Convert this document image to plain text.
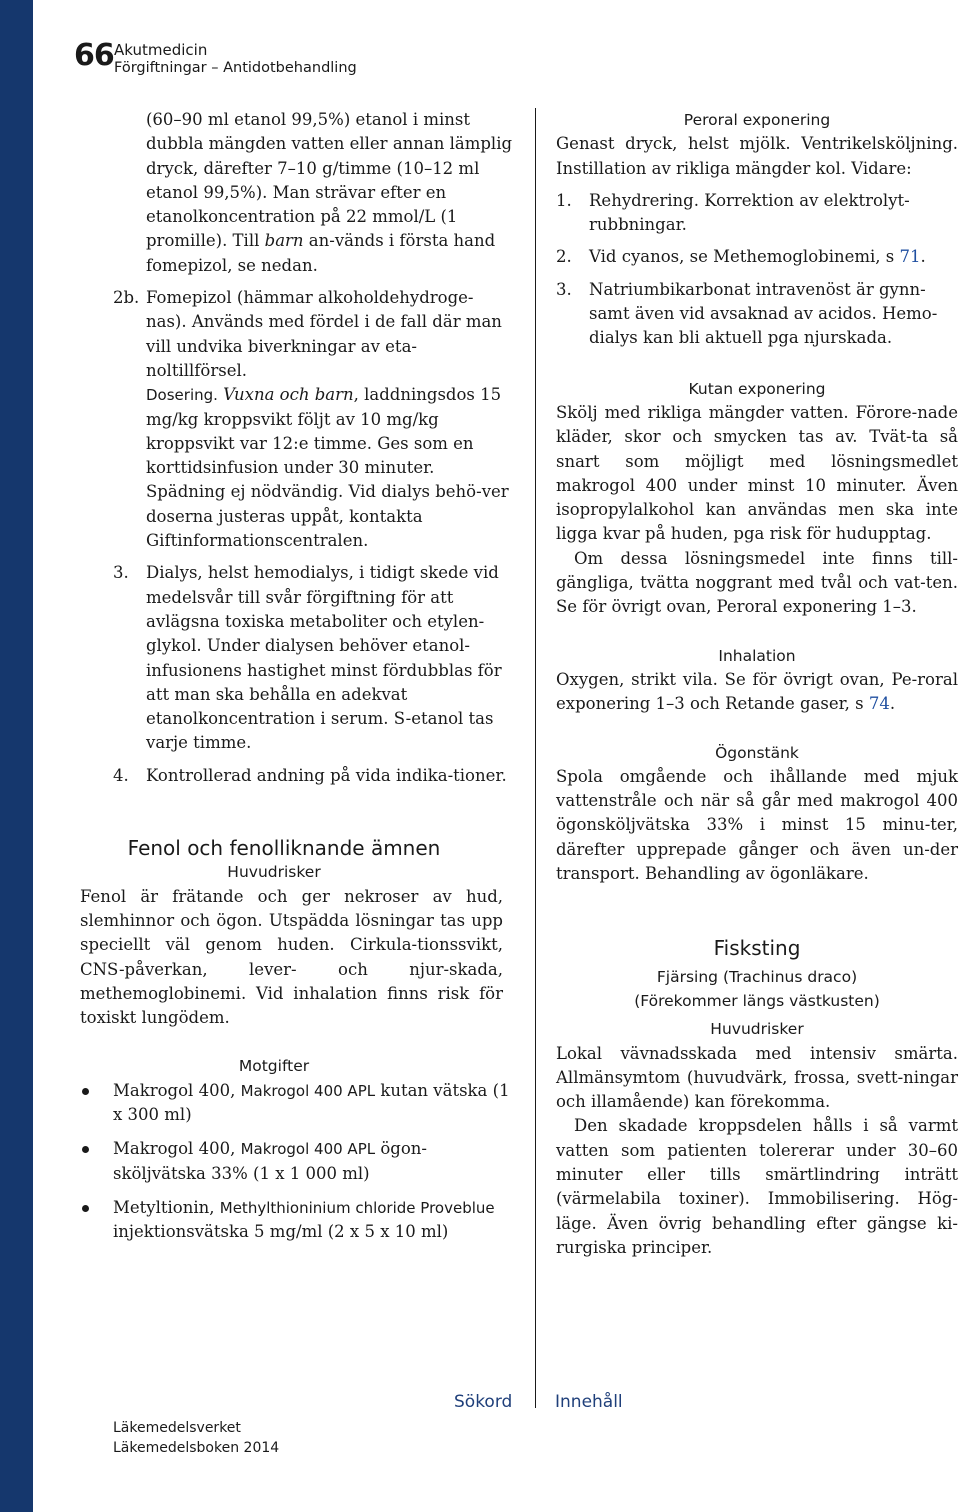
66 Akutmedicin
Förgiftningar – Antidotbehandling

(60–90 ml etanol 99,5%) etanol i minst dubbla mängden vatten eller annan lämplig dryck, därefter 7–10 g/timme (10–12 ml etanol 99,5%). Man strävar efter en etanolkoncentration på 22 mmol/L (1 promille). Till barn an-vänds i första hand fomepizol, se nedan.

2b. Fomepizol (hämmar alkoholdehydroge-nas). Används med fördel i de fall där man vill undvika biverkningar av eta-noltillförsel.

Dosering. Vuxna och barn, laddningsdos 15 mg/kg kroppsvikt följt av 10 mg/kg kroppsvikt var 12:e timme. Ges som en korttidsinfusion under 30 minuter. Spädning ej nödvändig. Vid dialys behö-ver doserna justeras uppåt, kontakta Giftinformationscentralen.

3. Dialys, helst hemodialys, i tidigt skede vid medelsvår till svår förgiftning för att avlägsna toxiska metaboliter och etylen-glykol. Under dialysen behöver etanol-infusionens hastighet minst fördubblas för att man ska behålla en adekvat etanolkoncentration i serum. S-etanol tas varje timme.
4. Kontrollerad andning på vida indika-tioner.

Fenol och fenolliknande ämnen

Huvudrisker

Fenol är frätande och ger nekroser av hud, slemhinnor och ögon. Utspädda lösningar tas upp speciellt väl genom huden. Cirkula-tionssvikt, CNS-påverkan, lever- och njur-skada, methemoglobinemi. Vid inhalation finns risk för toxiskt lungödem.

Motgifter

Makrogol 400, Makrogol 400 APL kutan vätska (1 x 300 ml)
Makrogol 400, Makrogol 400 APL ögon-sköljvätska 33% (1 x 1 000 ml)
Metyltionin, Methylthioninium chloride Proveblue injektionsvätska 5 mg/ml (2 x 5 x 10 ml)

Peroral exponering

Genast dryck, helst mjölk. Ventrikelsköljning. Instillation av rikliga mängder kol. Vidare:

1. Rehydrering. Korrektion av elektrolyt-rubbningar.
2. Vid cyanos, se Methemoglobinemi, s 71.
3. Natriumbikarbonat intravenöst är gynn-samt även vid avsaknad av acidos. Hemo-dialys kan bli aktuell pga njurskada.

Kutan exponering

Skölj med rikliga mängder vatten. Förore-nade kläder, skor och smycken tas av. Tvät-ta så snart som möjligt med lösningsmedlet makrogol 400 under minst 10 minuter. Även isopropylalkohol kan användas men ska inte ligga kvar på huden, pga risk för hudupptag.

Om dessa lösningsmedel inte finns till-gängliga, tvätta noggrant med tvål och vat-ten. Se för övrigt ovan, Peroral exponering 1–3.

Inhalation

Oxygen, strikt vila. Se för övrigt ovan, Pe-roral exponering 1–3 och Retande gaser, s 74.

Ögonstänk

Spola omgående och ihållande med mjuk vattenstråle och när så går med makrogol 400 ögonsköljvätska 33% i minst 15 minu-ter, därefter upprepade gånger och även un-der transport. Behandling av ögonläkare.

Fisksting

Fjärsing (Trachinus draco)

(Förekommer längs västkusten)

Huvudrisker

Lokal vävnadsskada med intensiv smärta. Allmänsymtom (huvudvärk, frossa, svett-ningar och illamående) kan förekomma.

Den skadade kroppsdelen hålls i så varmt vatten som patienten tolererar under 30–60 minuter eller tills smärtlindring inträtt (värmelabila toxiner). Immobilisering. Hög-läge. Även övrig behandling efter gängse ki-rurgiska principer.

Sökord	Innehåll
Läkemedelsverket
Läkemedelsboken 2014
